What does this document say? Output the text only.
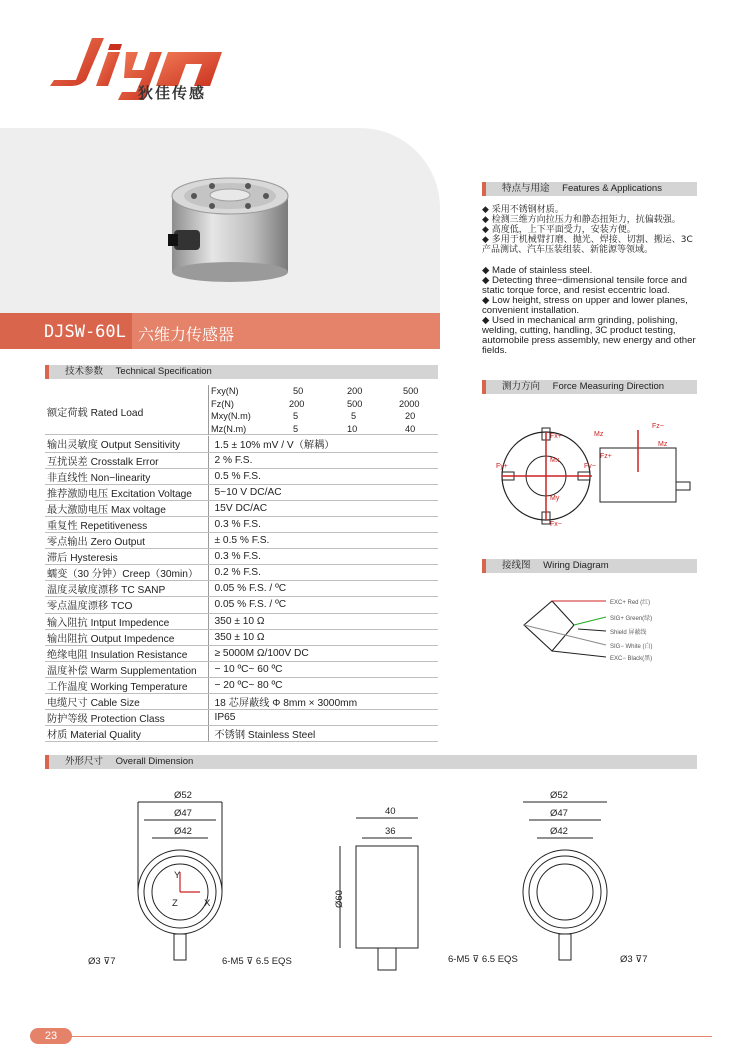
狄佳传感
DJSW-60L 六维力传感器
技术参数 Technical Specification
额定荷载 Rated Load
Fxy(N)	50	200	500
Fz(N)	200	500	2000
Mxy(N.m)	5	5	20
Mz(N.m)	5	10	40
输出灵敏度 Output Sensitivity	1.5 ± 10% mV / V（解耦）
互扰误差 Crosstalk Error	2 % F.S.
非直线性 Non−linearity	0.5 % F.S.
推荐激励电压 Excitation Voltage	5~10 V DC/AC
最大激励电压 Max voltage	15V DC/AC
重复性 Repetitiveness	0.3 % F.S.
零点输出 Zero Output	± 0.5 % F.S.
滞后 Hysteresis	0.3 % F.S.
蠕变（30 分钟）Creep（30min）	0.2 % F.S.
温度灵敏度漂移 TC SANP	0.05 % F.S. / ºC
零点温度漂移 TCO	0.05 % F.S. / ºC
输入阻抗 Intput Impedence	350 ± 10 Ω
输出阻抗 Output Impedence	350 ± 10 Ω
绝缘电阻 Insulation Resistance	≥ 5000M Ω/100V DC
温度补偿 Warm Supplementation	− 10 ºC~ 60 ºC
工作温度 Working Temperature	− 20 ºC~ 80 ºC
电缆尺寸 Cable Size	18 芯屏蔽线 Φ 8mm × 3000mm
防护等级 Protection Class	IP65
材质 Material Quality	不锈钢 Stainless Steel
特点与用途 Features & Applications
◆ 采用不锈钢材质。
◆ 检测三维方向拉压力和静态扭矩力，抗偏载强。
◆ 高度低，上下平面受力，安装方便。
◆ 多用于机械臂打磨、抛光、焊接、切割、搬运、3C产品测试、汽车压装组装、新能源等领域。
◆ Made of stainless steel.
◆ Detecting three−dimensional tensile force and static torque force, and resist eccentric load.
◆ Low height, stress on upper and lower planes, convenient installation.
◆ Used in mechanical arm grinding, polishing, welding, cutting, handling, 3C product testing, automobile press assembly, new energy and other fields.
测力方向 Force Measuring Direction
Fx+
Fx−
Fy+	Fy−
Mx
My
Mz
Fz−
Fz+
Mz
接线图 Wiring Diagram
EXC+ Red (红)
SIG+ Green(绿)
Shield 屏蔽线
SIG− White (白)
EXC− Black(黑)
外形尺寸 Overall Dimension
Ø52
Ø47
Ø42
40
36
Ø60
Ø52
Ø47
Ø42
Ø3 ⊽7	6-M5 ⊽ 6.5 EQS	6-M5 ⊽ 6.5 EQS	Ø3 ⊽7
Y
X
Z
23
